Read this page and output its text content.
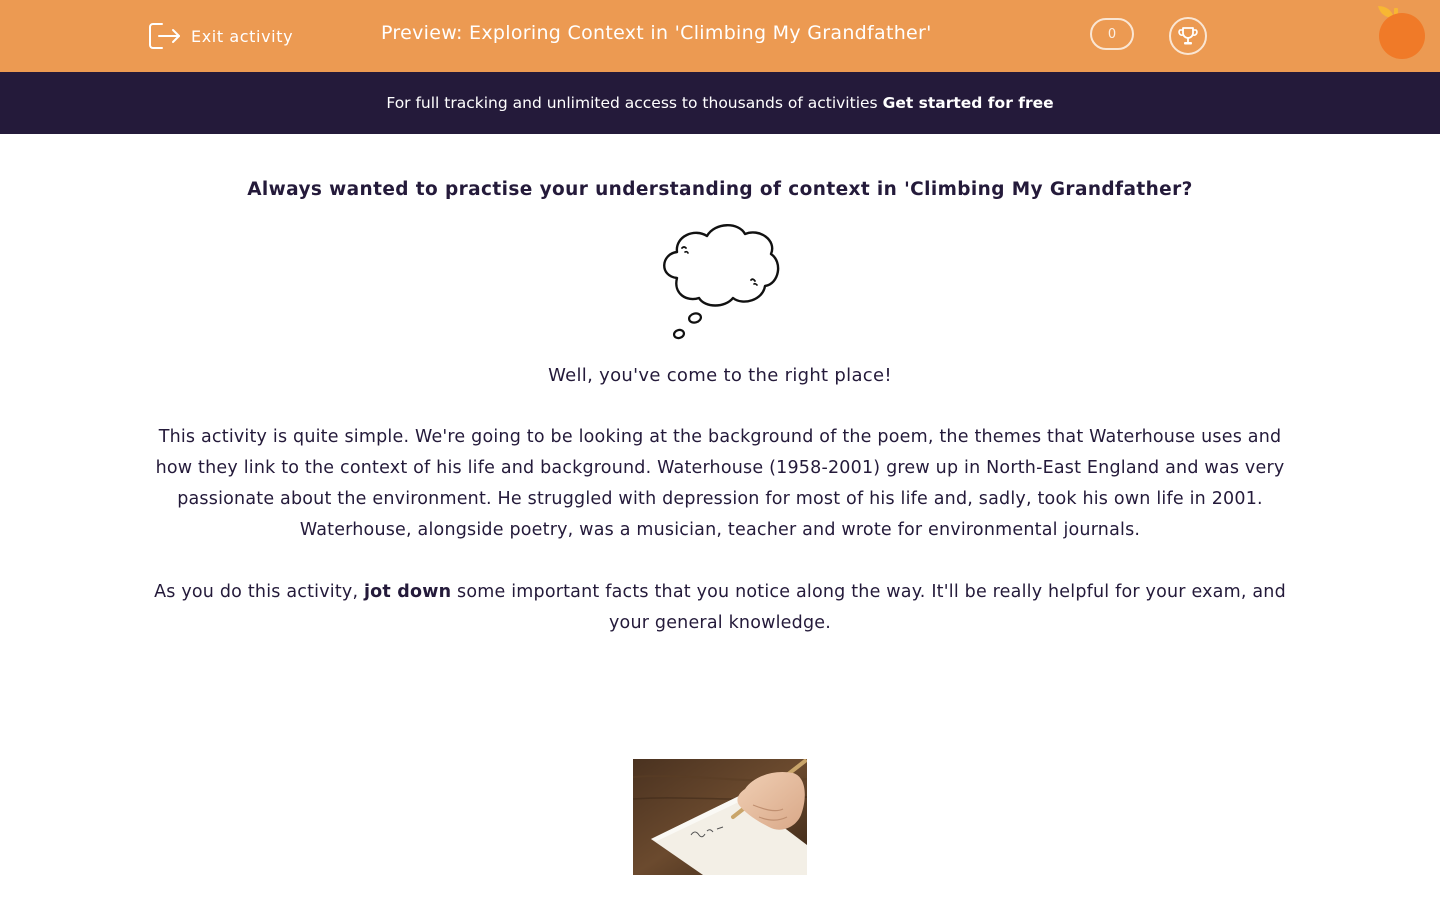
Exit activity	Preview: Exploring Context in 'Climbing My Grandfather'	0
For full tracking and unlimited access to thousands of activities Get started for free
Always wanted to practise your understanding of context in 'Climbing My Grandfather?

Well, you've come to the right place!

This activity is quite simple. We're going to be looking at the background of the poem, the themes that Waterhouse uses and how they link to the context of his life and background. Waterhouse (1958-2001) grew up in North-East England and was very passionate about the environment. He struggled with depression for most of his life and, sadly, took his own life in 2001. Waterhouse, alongside poetry, was a musician, teacher and wrote for environmental journals.

As you do this activity, jot down some important facts that you notice along the way. It'll be really helpful for your exam, and your general knowledge.
